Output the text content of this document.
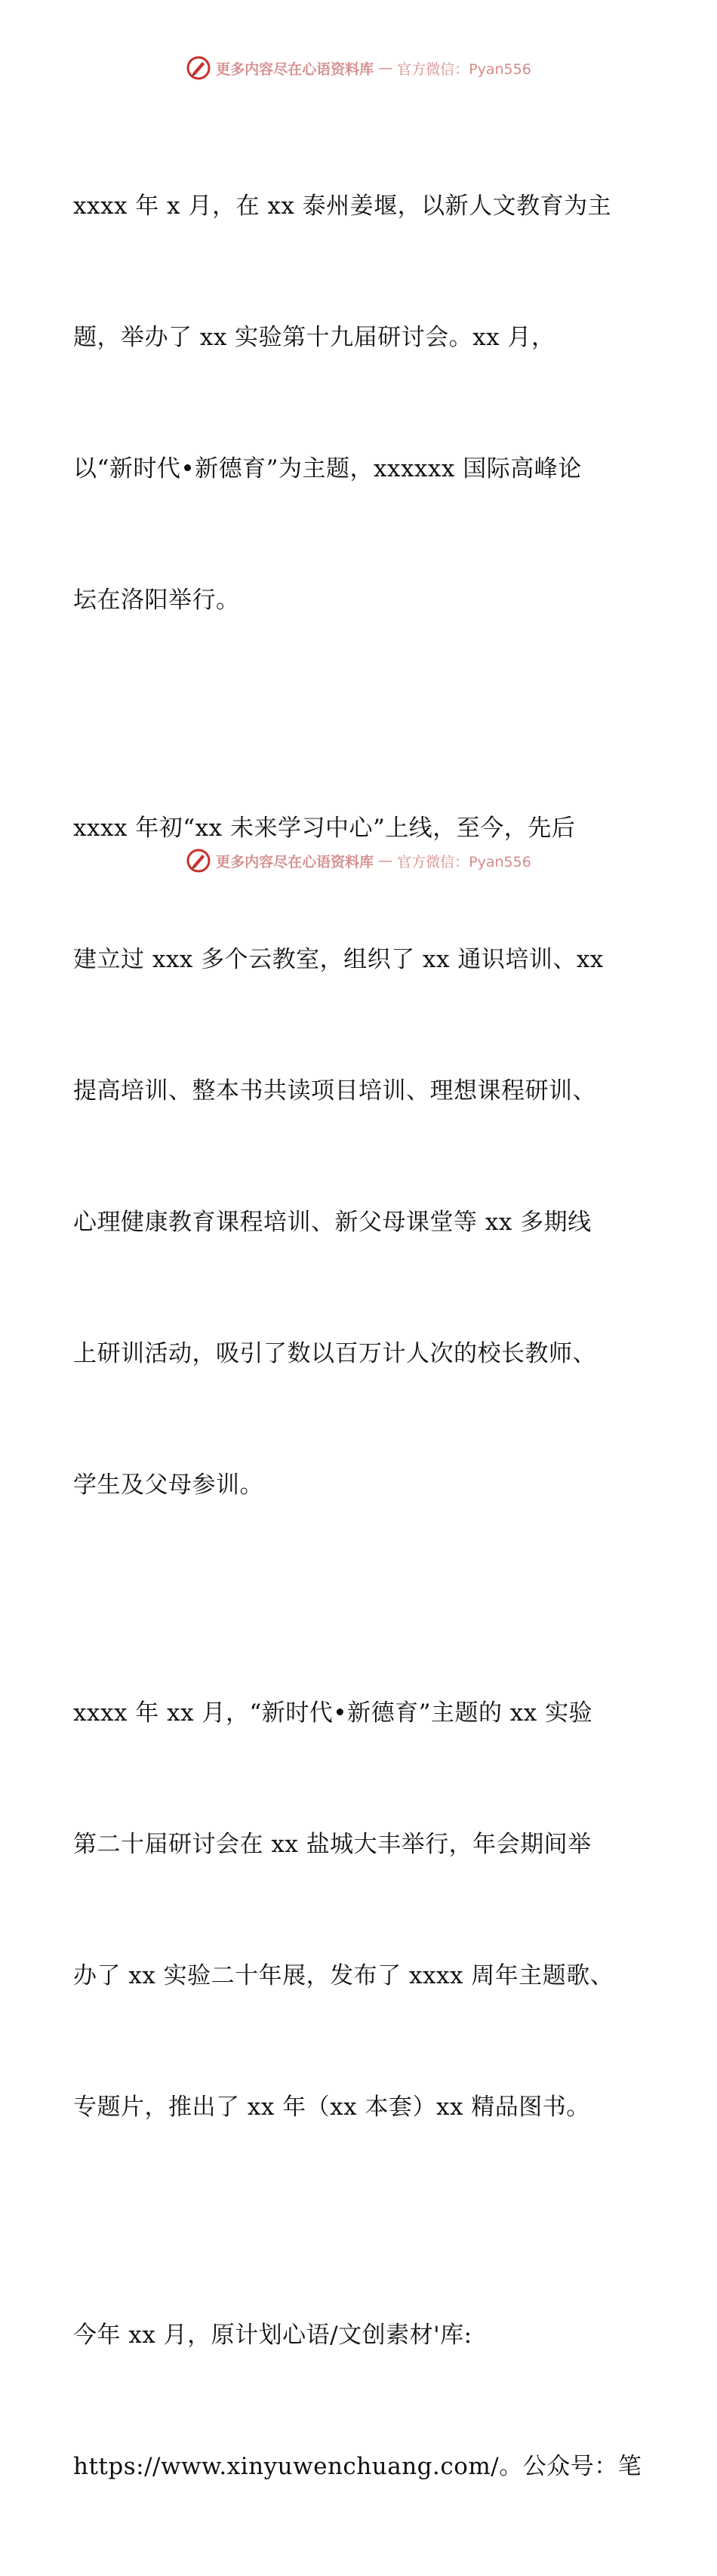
更多内容尽在心语资料库 — 官方微信：Pyan556

xxxx 年 x 月，在 xx 泰州姜堰，以新人文教育为主

题，举办了 xx 实验第十九届研讨会。xx 月，

以“新时代•新德育”为主题，xxxxxx 国际高峰论

坛在洛阳举行。

xxxx 年初“xx 未来学习中心”上线，至今，先后

建立过 xxx 多个云教室，组织了 xx 通识培训、xx

提高培训、整本书共读项目培训、理想课程研训、

心理健康教育课程培训、新父母课堂等 xx 多期线

上研训活动，吸引了数以百万计人次的校长教师、

学生及父母参训。

xxxx 年 xx 月，“新时代•新德育”主题的 xx 实验

第二十届研讨会在 xx 盐城大丰举行，年会期间举

办了 xx 实验二十年展，发布了 xxxx 周年主题歌、

专题片，推出了 xx 年（xx 本套）xx 精品图书。

今年 xx 月，原计划心语/文创素材'库:

https://www.xinyuwenchuang.com/。公众号：笔

更多内容尽在心语资料库 — 官方微信：Pyan556
